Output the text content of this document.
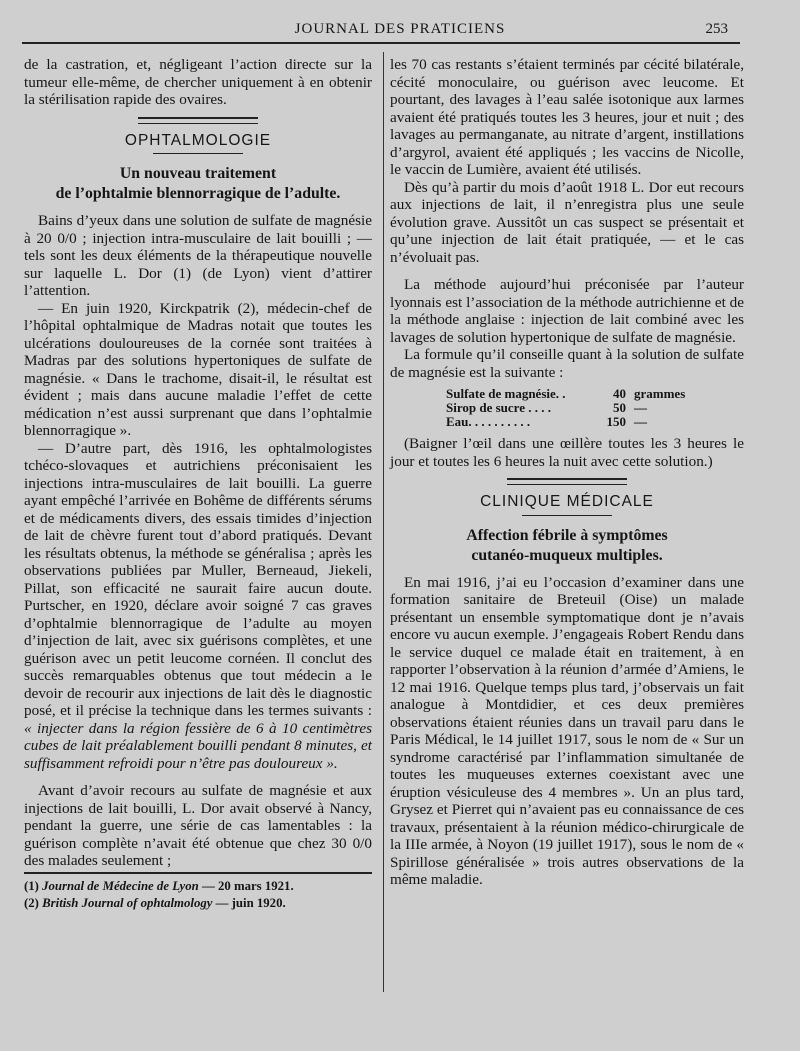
JOURNAL DES PRATICIENS	253

de la castration, et, négligeant l’action directe sur la tumeur elle-même, de chercher uniquement à en obtenir la stérilisation rapide des ovaires.

OPHTALMOLOGIE
Un nouveau traitement
de l’ophtalmie blennorragique de l’adulte.

Bains d’yeux dans une solution de sulfate de magnésie à 20 0/0 ; injection intra-musculaire de lait bouilli ; — tels sont les deux éléments de la thérapeutique nouvelle sur laquelle L. Dor (1) (de Lyon) vient d’attirer l’attention.

— En juin 1920, Kirckpatrik (2), médecin-chef de l’hôpital ophtalmique de Madras notait que toutes les ulcérations douloureuses de la cornée sont traitées à Madras par des solutions hypertoniques de sulfate de magnésie. « Dans le trachome, disait-il, le résultat est évident ; mais dans aucune maladie l’effet de cette médication n’est aussi surprenant que dans l’ophtalmie blennorragique ».

— D’autre part, dès 1916, les ophtalmologistes tchéco-slovaques et autrichiens préconisaient les injections intra-musculaires de lait bouilli. La guerre ayant empêché l’arrivée en Bohême de différents sérums et de médicaments divers, des essais timides d’injection de lait de chèvre furent tout d’abord pratiqués. Devant les résultats obtenus, la méthode se généralisa ; après les observations publiées par Muller, Berneaud, Jiekeli, Pillat, son efficacité ne saurait faire aucun doute. Purtscher, en 1920, déclare avoir soigné 7 cas graves d’ophtalmie blennorragique de l’adulte au moyen d’injection de lait, avec six guérisons complètes, et une guérison avec un petit leucome cornéen. Il conclut des succès remarquables obtenus que tout médecin a le devoir de recourir aux injections de lait dès le diagnostic posé, et il précise la technique dans les termes suivants : « injecter dans la région fessière de 6 à 10 centimètres cubes de lait préalablement bouilli pendant 8 minutes, et suffisamment refroidi pour n’être pas douloureux ».

Avant d’avoir recours au sulfate de magnésie et aux injections de lait bouilli, L. Dor avait observé à Nancy, pendant la guerre, une série de cas lamentables : la guérison complète n’avait été obtenue que chez 30 0/0 des malades seulement ;

(1) Journal de Médecine de Lyon — 20 mars 1921.
(2) British Journal of ophtalmology — juin 1920.

les 70 cas restants s’étaient terminés par cécité bilatérale, cécité monoculaire, ou guérison avec leucome. Et pourtant, des lavages à l’eau salée isotonique aux larmes avaient été pratiqués toutes les 3 heures, jour et nuit ; des lavages au permanganate, au nitrate d’argent, instillations d’argyrol, avaient été appliqués ; les vaccins de Nicolle, le vaccin de Lumière, avaient été utilisés.

Dès qu’à partir du mois d’août 1918 L. Dor eut recours aux injections de lait, il n’enregistra plus une seule évolution grave. Aussitôt un cas suspect se présentait et qu’une injection de lait était pratiquée, — et le cas n’évoluait pas.

La méthode aujourd’hui préconisée par l’auteur lyonnais est l’association de la méthode autrichienne et de la méthode anglaise : injection de lait combiné avec les lavages de solution hypertonique de sulfate de magnésie.

La formule qu’il conseille quant à la solution de sulfate de magnésie est la suivante :

Sulfate de magnésie. .	40 grammes
Sirop de sucre . . . .	50 —
Eau. . . . . . . . . .	150 —

(Baigner l’œil dans une œillère toutes les 3 heures le jour et toutes les 6 heures la nuit avec cette solution.)

CLINIQUE MÉDICALE
Affection fébrile à symptômes
cutanéo-muqueux multiples.

En mai 1916, j’ai eu l’occasion d’examiner dans une formation sanitaire de Breteuil (Oise) un malade présentant un ensemble symptomatique dont je n’avais encore vu aucun exemple. J’engageais Robert Rendu dans le service duquel ce malade était en traitement, à en rapporter l’observation à la réunion d’armée d’Amiens, le 12 mai 1916. Quelque temps plus tard, j’observais un fait analogue à Montdidier, et ces deux premières observations étaient réunies dans un travail paru dans le Paris Médical, le 14 juillet 1917, sous le nom de « Sur un syndrome caractérisé par l’inflammation simultanée de toutes les muqueuses externes coexistant avec une éruption vésiculeuse des 4 membres ». Un an plus tard, Grysez et Pierret qui n’avaient pas eu connaissance de ces travaux, présentaient à la réunion médico-chirurgicale de la IIIe armée, à Noyon (19 juillet 1917), sous le nom de « Spirillose généralisée » trois autres observations de la même maladie.
